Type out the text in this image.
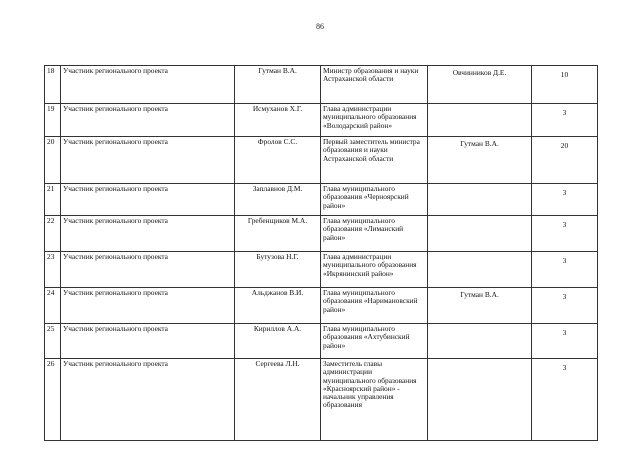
86
18	Участник регионального проекта	Гутман В.А.	Министр образования и науки Астраханской области	Овчинников Д.Е.	10
19	Участник регионального проекта	Исмуханов Х.Г.	Глава администрации муниципального образования «Володарский район»		3
20	Участник регионального проекта	Фролов С.С.	Первый заместитель министра образования и науки Астраханской области	Гутман В.А.	20
21	Участник регионального проекта	Заплавнов Д.М.	Глава муниципального образования «Черноярский район»		3
22	Участник регионального проекта	Гребенщиков М.А.	Глава муниципального образования «Лиманский район»		3
23	Участник регионального проекта	Бутузова Н.Г.	Глава администрации муниципального образования «Икрянинский район»		3
24	Участник регионального проекта	Альджанов В.И.	Глава муниципального образования «Наримановский район»	Гутман В.А.	3
25	Участник регионального проекта	Кириллов А.А.	Глава муниципального образования «Ахтубинский район»		3
26	Участник регионального проекта	Сергеева Л.Н.	Заместитель главы администрации муниципального образования «Красноярский район» - начальник управления образования		3
